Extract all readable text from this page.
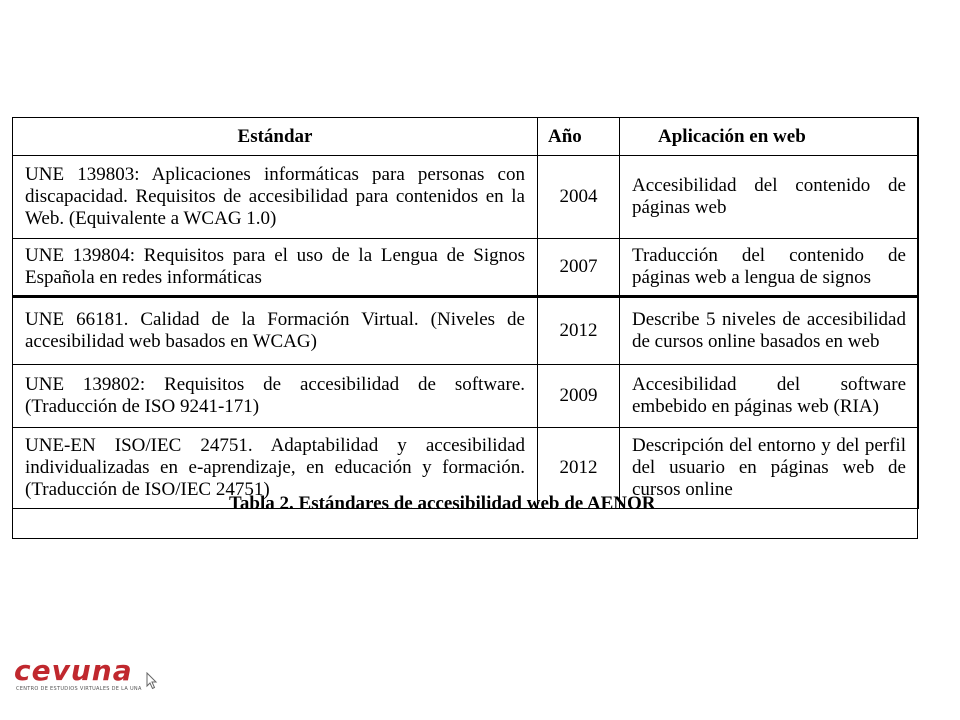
Tabla 2. Estándares de accesibilidad web de AENOR
Estándar	Año	Aplicación en web
UNE 139803: Aplicaciones informáticas para personas con discapacidad. Requisitos de accesibilidad para contenidos en la Web. (Equivalente a WCAG 1.0)	2004	Accesibilidad del contenido de páginas web
UNE 139804: Requisitos para el uso de la Lengua de Signos Española en redes informáticas	2007	Traducción del contenido de páginas web a lengua de signos
UNE 66181. Calidad de la Formación Virtual. (Niveles de accesibilidad web basados en WCAG)	2012	Describe 5 niveles de accesibilidad de cursos online basados en web
UNE 139802: Requisitos de accesibilidad de software. (Traducción de ISO 9241-171)	2009	Accesibilidad del software embebido en páginas web (RIA)
UNE-EN ISO/IEC 24751. Adaptabilidad y accesibilidad individualizadas en e-aprendizaje, en educación y formación. (Traducción de ISO/IEC 24751)	2012	Descripción del entorno y del perfil del usuario en páginas web de cursos online
cevuna
CENTRO DE ESTUDIOS VIRTUALES DE LA UNA
